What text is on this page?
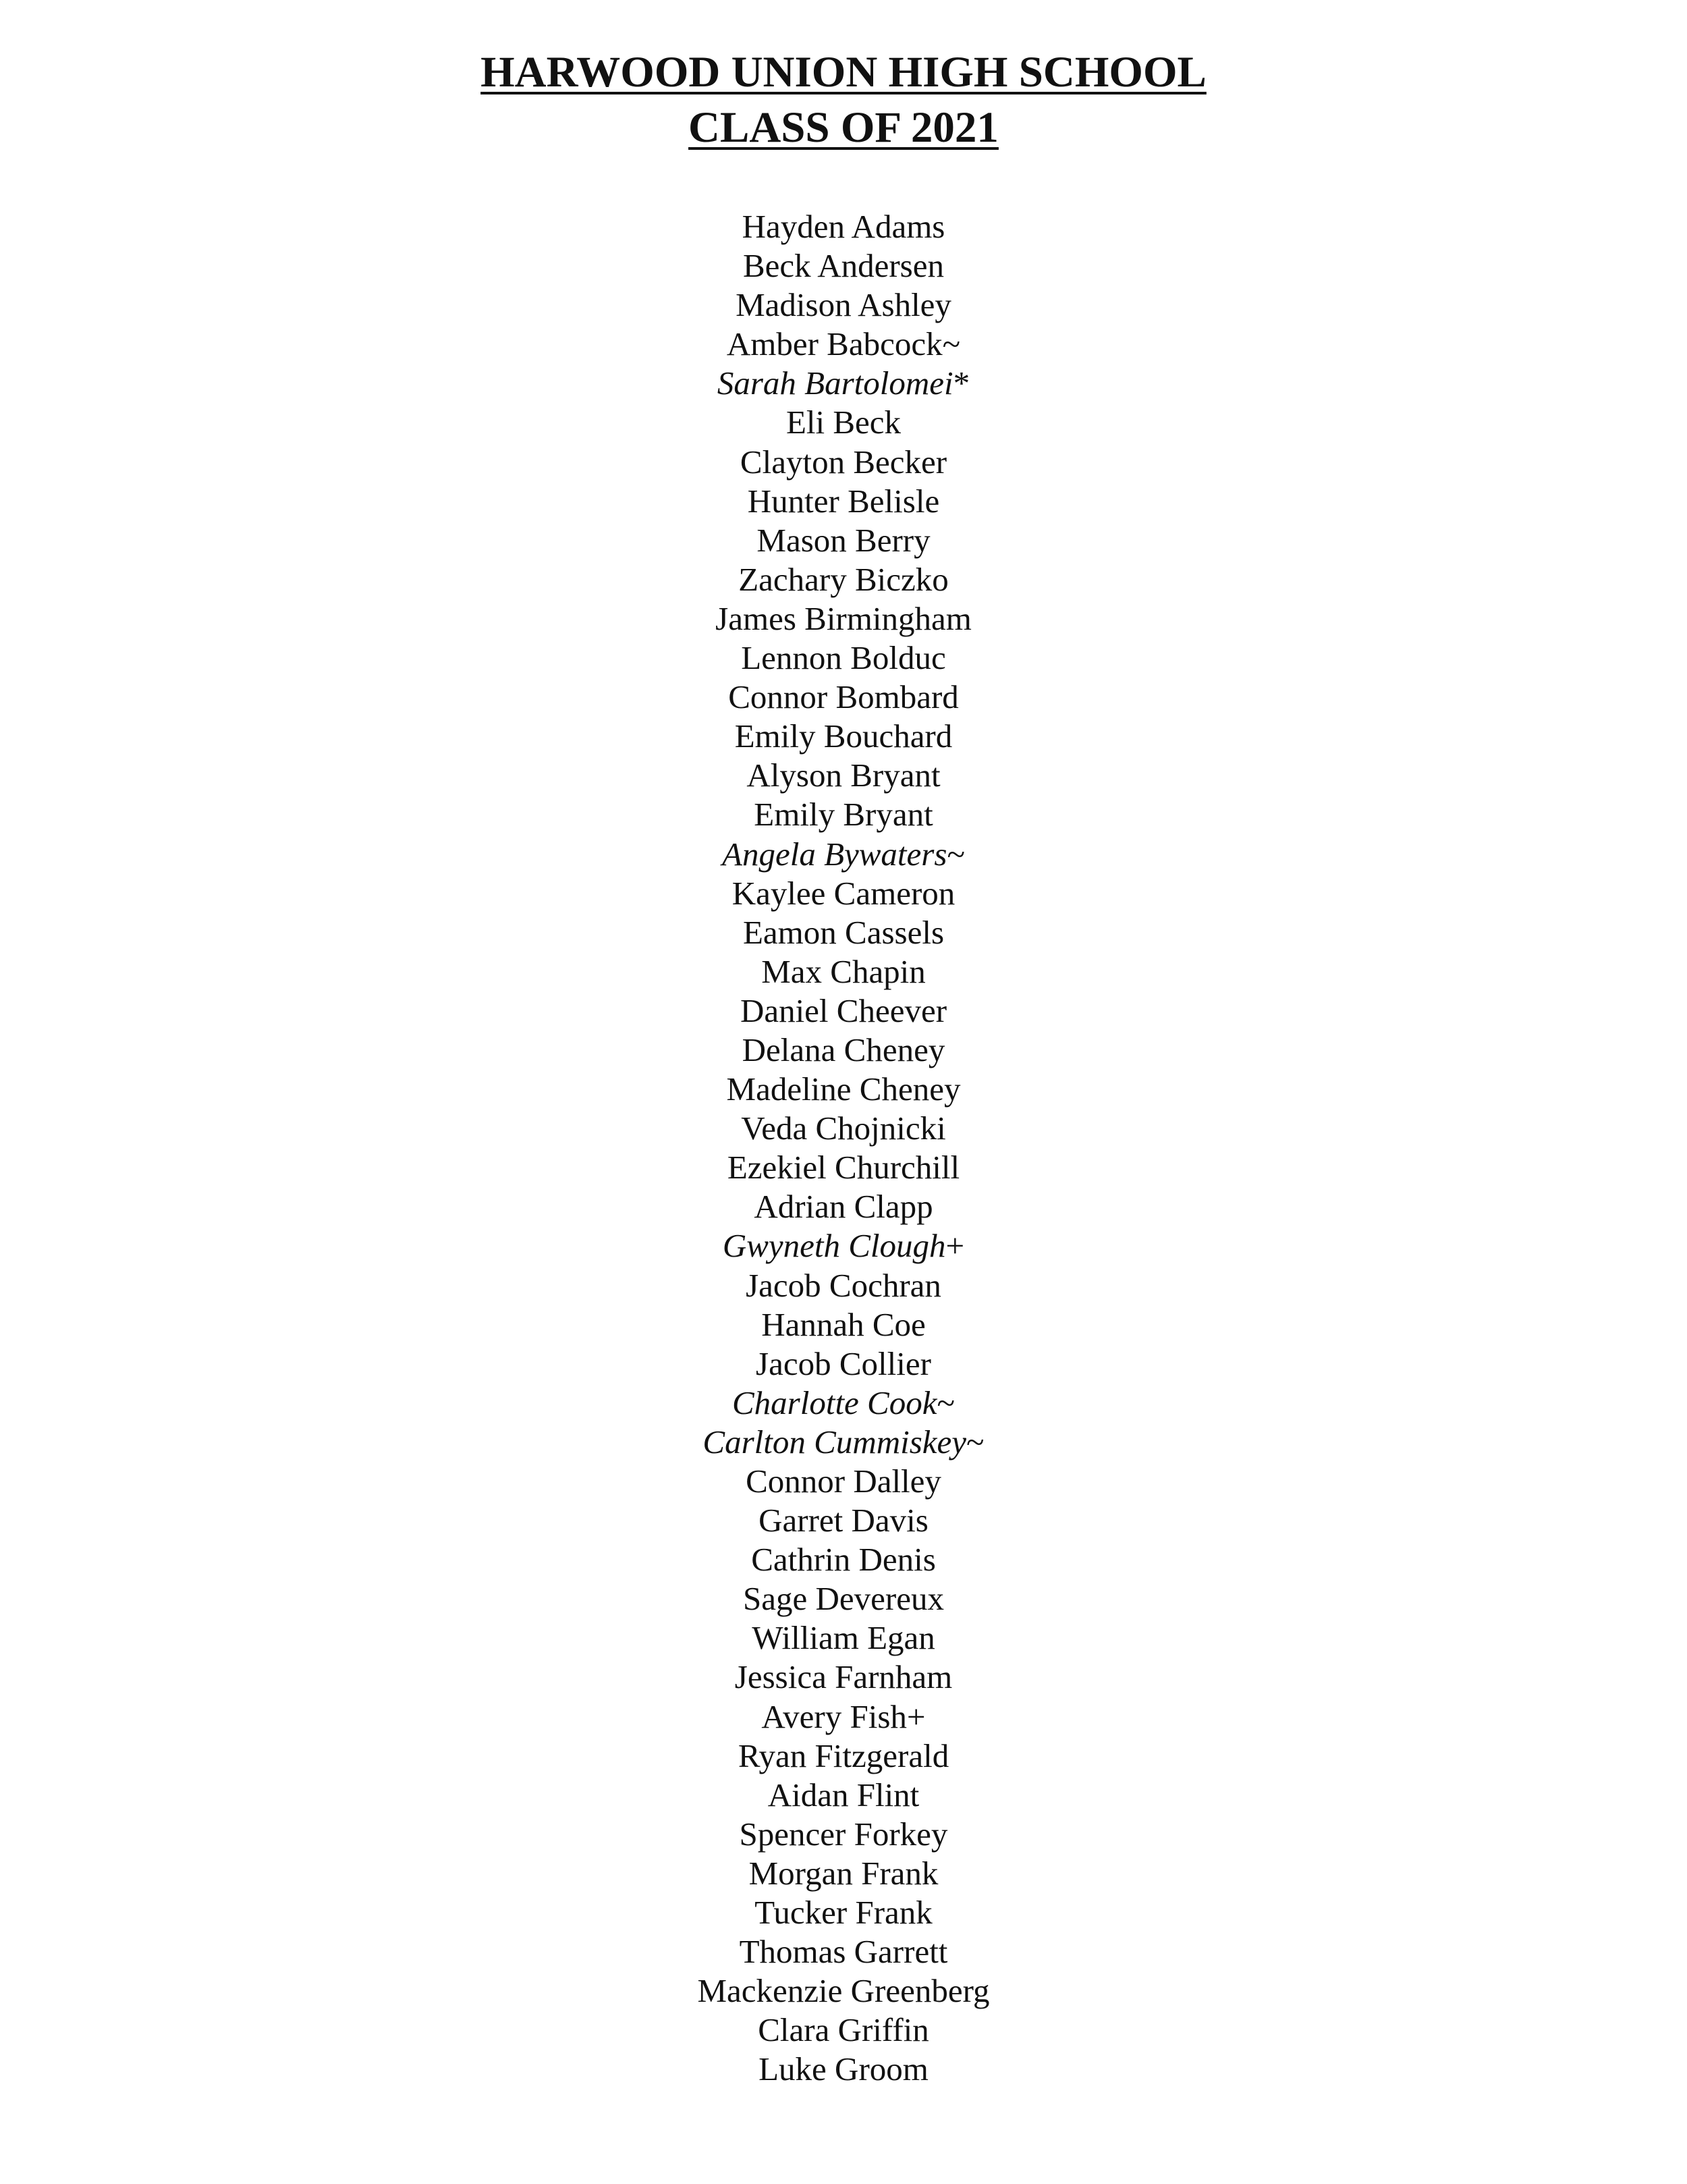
HARWOOD UNION HIGH SCHOOL
CLASS OF 2021
Hayden Adams
Beck Andersen
Madison Ashley
Amber Babcock~
Sarah Bartolomei*
Eli Beck
Clayton Becker
Hunter Belisle
Mason Berry
Zachary Biczko
James Birmingham
Lennon Bolduc
Connor Bombard
Emily Bouchard
Alyson Bryant
Emily Bryant
Angela Bywaters~
Kaylee Cameron
Eamon Cassels
Max Chapin
Daniel Cheever
Delana Cheney
Madeline Cheney
Veda Chojnicki
Ezekiel Churchill
Adrian Clapp
Gwyneth Clough+
Jacob Cochran
Hannah Coe
Jacob Collier
Charlotte Cook~
Carlton Cummiskey~
Connor Dalley
Garret Davis
Cathrin Denis
Sage Devereux
William Egan
Jessica Farnham
Avery Fish+
Ryan Fitzgerald
Aidan Flint
Spencer Forkey
Morgan Frank
Tucker Frank
Thomas Garrett
Mackenzie Greenberg
Clara Griffin
Luke Groom
